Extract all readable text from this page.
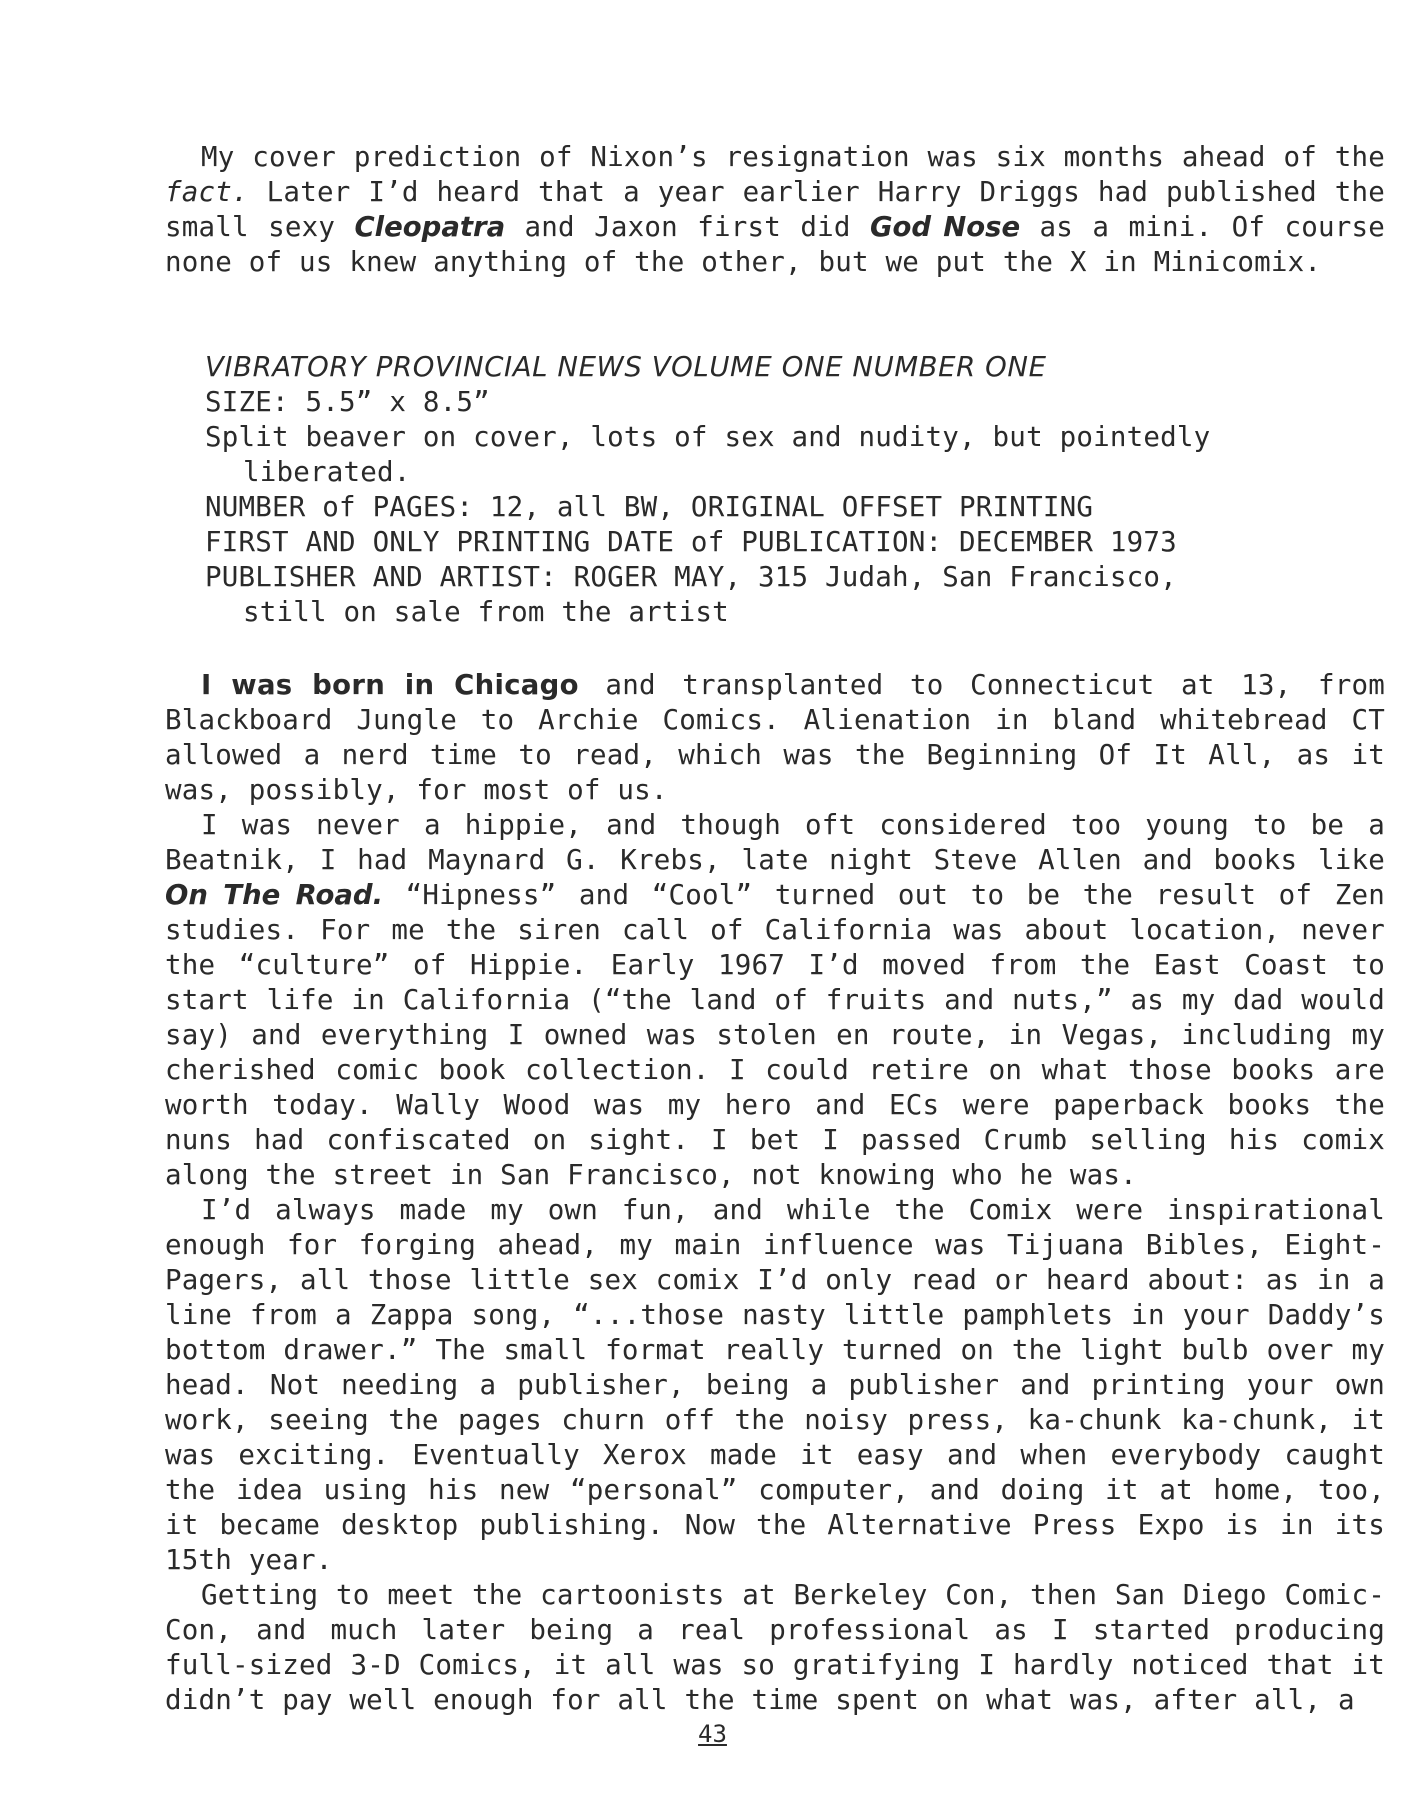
My cover prediction of Nixon’s resignation was six months ahead of the fact. Later I’d heard that a year earlier Harry Driggs had published the small sexy Cleopatra and Jaxon first did God Nose as a mini. Of course none of us knew anything of the other, but we put the X in Minicomix.

VIBRATORY PROVINCIAL NEWS VOLUME ONE NUMBER ONE
SIZE: 5.5” x 8.5”
Split beaver on cover, lots of sex and nudity, but pointedly
liberated.
NUMBER of PAGES: 12, all BW, ORIGINAL OFFSET PRINTING
FIRST AND ONLY PRINTING DATE of PUBLICATION: DECEMBER 1973
PUBLISHER AND ARTIST: ROGER MAY, 315 Judah, San Francisco,
still on sale from the artist

I was born in Chicago and transplanted to Connecticut at 13, from Blackboard Jungle to Archie Comics. Alienation in bland whitebread CT allowed a nerd time to read, which was the Beginning Of It All, as it was, possibly, for most of us.

I was never a hippie, and though oft considered too young to be a Beatnik, I had Maynard G. Krebs, late night Steve Allen and books like On The Road. “Hipness” and “Cool” turned out to be the result of Zen studies. For me the siren call of California was about location, never the “culture” of Hippie. Early 1967 I’d moved from the East Coast to start life in California (“the land of fruits and nuts,” as my dad would say) and everything I owned was stolen en route, in Vegas, including my cherished comic book collection. I could retire on what those books are worth today. Wally Wood was my hero and ECs were paperback books the nuns had confiscated on sight. I bet I passed Crumb selling his comix along the street in San Francisco, not knowing who he was.

I’d always made my own fun, and while the Comix were inspirational enough for forging ahead, my main influence was Tijuana Bibles, Eight-Pagers, all those little sex comix I’d only read or heard about: as in a line from a Zappa song, “...those nasty little pamphlets in your Daddy’s bottom drawer.” The small format really turned on the light bulb over my head. Not needing a publisher, being a publisher and printing your own work, seeing the pages churn off the noisy press, ka-chunk ka-chunk, it was exciting. Eventually Xerox made it easy and when everybody caught the idea using his new “personal” computer, and doing it at home, too, it became desktop publishing. Now the Alternative Press Expo is in its 15th year.

Getting to meet the cartoonists at Berkeley Con, then San Diego Comic-Con, and much later being a real professional as I started producing full-sized 3-D Comics, it all was so gratifying I hardly noticed that it didn’t pay well enough for all the time spent on what was, after all, a

43
